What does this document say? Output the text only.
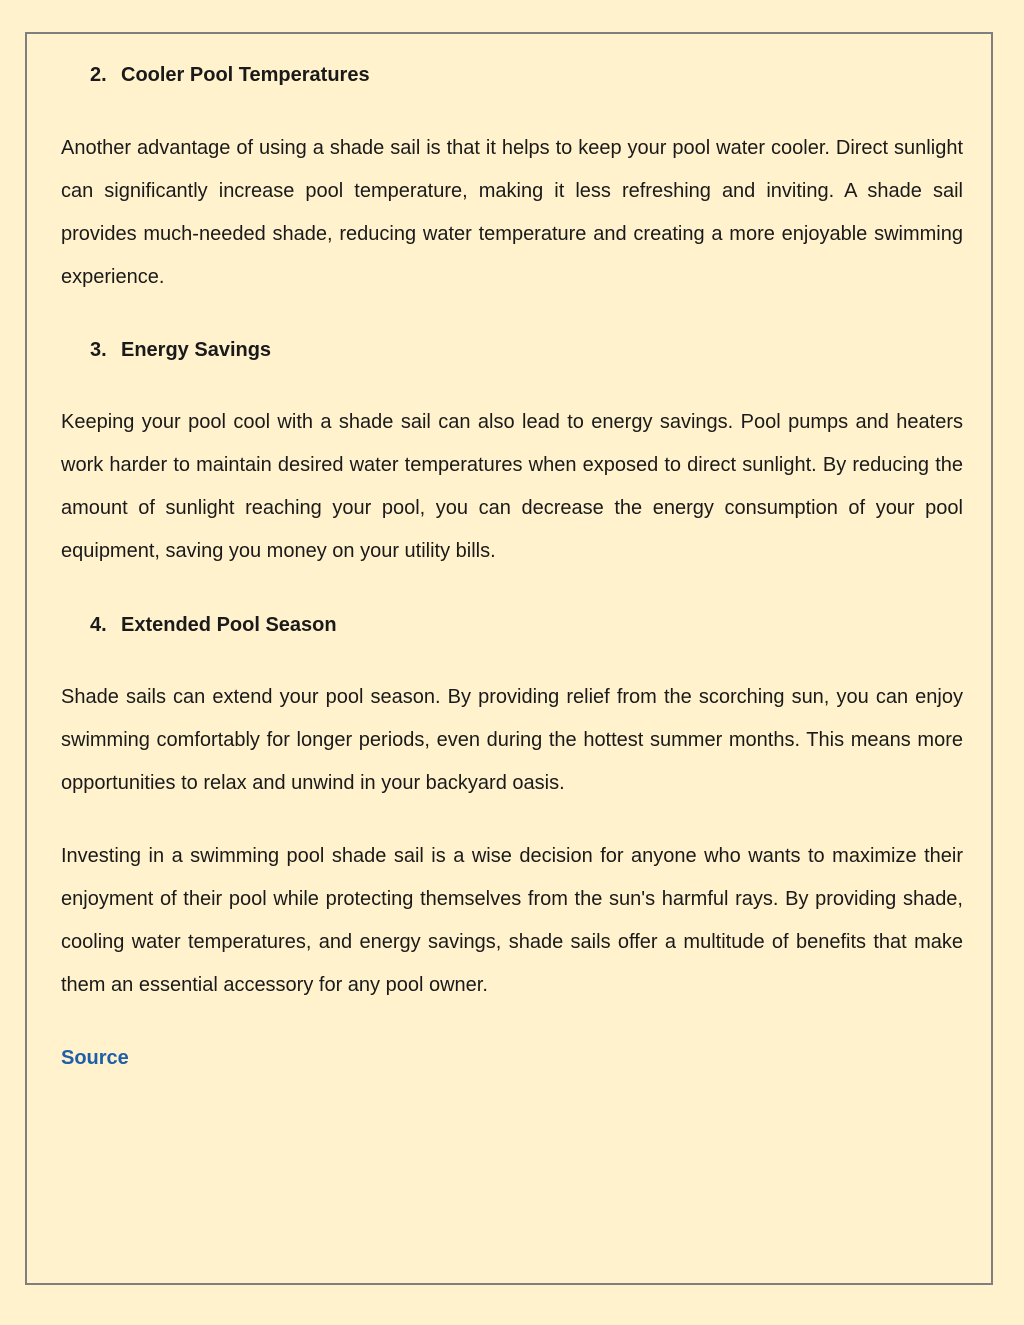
2. Cooler Pool Temperatures

Another advantage of using a shade sail is that it helps to keep your pool water cooler. Direct sunlight can significantly increase pool temperature, making it less refreshing and inviting. A shade sail provides much-needed shade, reducing water temperature and creating a more enjoyable swimming experience.

3. Energy Savings

Keeping your pool cool with a shade sail can also lead to energy savings. Pool pumps and heaters work harder to maintain desired water temperatures when exposed to direct sunlight. By reducing the amount of sunlight reaching your pool, you can decrease the energy consumption of your pool equipment, saving you money on your utility bills.

4. Extended Pool Season

Shade sails can extend your pool season. By providing relief from the scorching sun, you can enjoy swimming comfortably for longer periods, even during the hottest summer months. This means more opportunities to relax and unwind in your backyard oasis.

Investing in a swimming pool shade sail is a wise decision for anyone who wants to maximize their enjoyment of their pool while protecting themselves from the sun's harmful rays. By providing shade, cooling water temperatures, and energy savings, shade sails offer a multitude of benefits that make them an essential accessory for any pool owner.

Source
